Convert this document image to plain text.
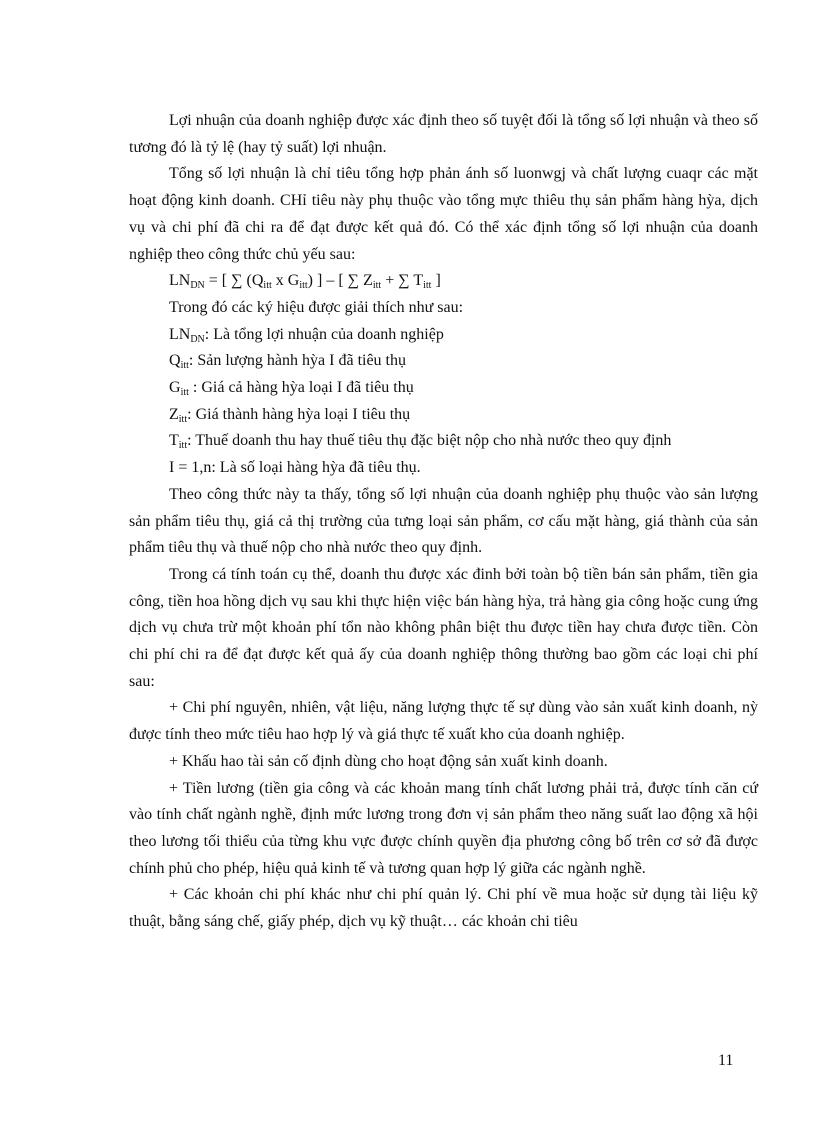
Lợi nhuận của doanh nghiệp được xác định theo số tuyệt đối là tổng số lợi nhuận và theo số tương đó là tỷ lệ (hay tỷ suất) lợi nhuận.

Tổng số lợi nhuận là chỉ tiêu tổng hợp phản ánh số luonwgj và chất lượng cuaqr các mặt hoạt động kinh doanh. CHỉ tiêu này phụ thuộc vào tổng mực thiêu thụ sản phẩm hàng hỳa, dịch vụ và chi phí đã chi ra để đạt được kết quả đó. Có thể xác định tổng số lợi nhuận của doanh nghiệp theo công thức chủ yếu sau:

$LN_{DN}$ = [ ∑ ($Q_{itt}$ x $G_{itt}$) ] – [ ∑ $Z_{itt}$ + ∑ $T_{itt}$ ]

Trong đó các ký hiệu được giải thích như sau:

$LN_{DN}$: Là tổng lợi nhuận của doanh nghiệp

$Q_{itt}$: Sản lượng hành hỳa I đã tiêu thụ

$G_{itt}$ : Giá cả hàng hỳa loại I đã tiêu thụ

$Z_{itt}$: Giá thành hàng hỳa loại I tiêu thụ

$T_{itt}$: Thuế doanh thu hay thuế tiêu thụ đặc biệt nộp cho nhà nước theo quy định

I = 1,n: Là số loại hàng hỳa đã tiêu thụ.

Theo công thức này ta thấy, tổng số lợi nhuận của doanh nghiệp phụ thuộc vào sản lượng sản phẩm tiêu thụ, giá cả thị trường của tưng loại sản phẩm, cơ cấu mặt hàng, giá thành của sản phẩm tiêu thụ và thuế nộp cho nhà nước theo quy định.

Trong cá tính toán cụ thể, doanh thu được xác đinh bởi toàn bộ tiền bán sản phẩm, tiền gia công, tiền hoa hồng dịch vụ sau khi thực hiện việc bán hàng hỳa, trả hàng gia công hoặc cung ứng dịch vụ chưa trừ một khoản phí tổn nào không phân biệt thu được tiền hay chưa được tiền. Còn chi phí chi ra để đạt được kết quả ấy của doanh nghiệp thông thường bao gồm các loại chi phí sau:

+ Chi phí nguyên, nhiên, vật liệu, năng lượng thực tế sự dùng vào sản xuất kinh doanh, nỳ được tính theo mức tiêu hao hợp lý và giá thực tế xuất kho của doanh nghiệp.

+ Khấu hao tài sản cố định dùng cho hoạt động sản xuất kinh doanh.

+ Tiền lương (tiền gia công và các khoản mang tính chất lương phải trả, được tính căn cứ vào tính chất ngành nghề, định mức lương trong đơn vị sản phẩm theo năng suất lao động xã hội theo lương tối thiểu của từng khu vực được chính quyền địa phương công bố trên cơ sở đã được chính phủ cho phép, hiệu quả kinh tế và tương quan hợp lý giữa các ngành nghề.

+ Các khoản chi phí khác như chi phí quản lý. Chi phí về mua hoặc sử dụng tài liệu kỹ thuật, bằng sáng chế, giấy phép, dịch vụ kỹ thuật… các khoản chi tiêu

11
